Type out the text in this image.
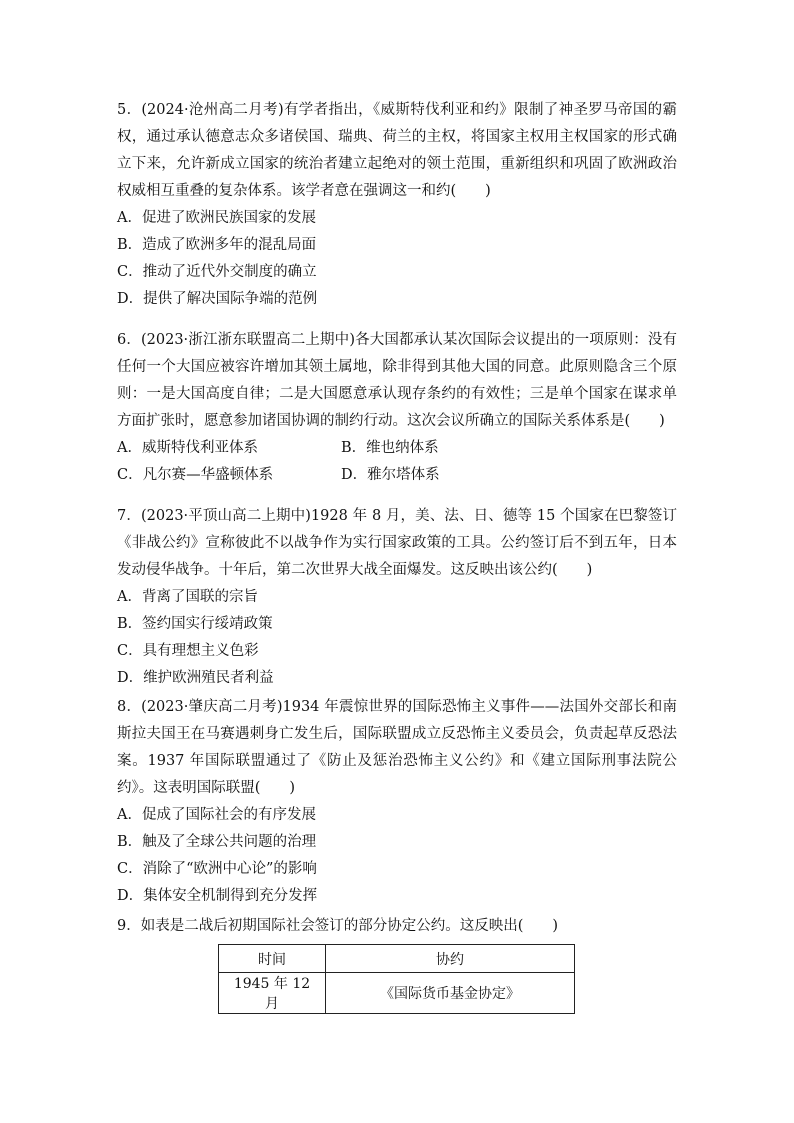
5．(2024·沧州高二月考)有学者指出，《威斯特伐利亚和约》限制了神圣罗马帝国的霸权，通过承认德意志众多诸侯国、瑞典、荷兰的主权，将国家主权用主权国家的形式确立下来，允许新成立国家的统治者建立起绝对的领土范围，重新组织和巩固了欧洲政治权威相互重叠的复杂体系。该学者意在强调这一和约(　　)

A．促进了欧洲民族国家的发展
B．造成了欧洲多年的混乱局面
C．推动了近代外交制度的确立
D．提供了解决国际争端的范例

6．(2023·浙江浙东联盟高二上期中)各大国都承认某次国际会议提出的一项原则：没有任何一个大国应被容许增加其领土属地，除非得到其他大国的同意。此原则隐含三个原则：一是大国高度自律；二是大国愿意承认现存条约的有效性；三是单个国家在谋求单方面扩张时，愿意参加诸国协调的制约行动。这次会议所确立的国际关系体系是(　　)

A．威斯特伐利亚体系	B．维也纳体系
C．凡尔赛—华盛顿体系	D．雅尔塔体系

7．(2023·平顶山高二上期中)1928 年 8 月，美、法、日、德等 15 个国家在巴黎签订《非战公约》宣称彼此不以战争作为实行国家政策的工具。公约签订后不到五年，日本发动侵华战争。十年后，第二次世界大战全面爆发。这反映出该公约(　　)

A．背离了国联的宗旨
B．签约国实行绥靖政策
C．具有理想主义色彩
D．维护欧洲殖民者利益

8．(2023·肇庆高二月考)1934 年震惊世界的国际恐怖主义事件——法国外交部长和南斯拉夫国王在马赛遇刺身亡发生后，国际联盟成立反恐怖主义委员会，负责起草反恐法案。1937 年国际联盟通过了《防止及惩治恐怖主义公约》和《建立国际刑事法院公约》。这表明国际联盟(　　)

A．促成了国际社会的有序发展
B．触及了全球公共问题的治理
C．消除了“欧洲中心论”的影响
D．集体安全机制得到充分发挥

9．如表是二战后初期国际社会签订的部分协定公约。这反映出(　　)

时间	协约
1945 年 12 月	《国际货币基金协定》
